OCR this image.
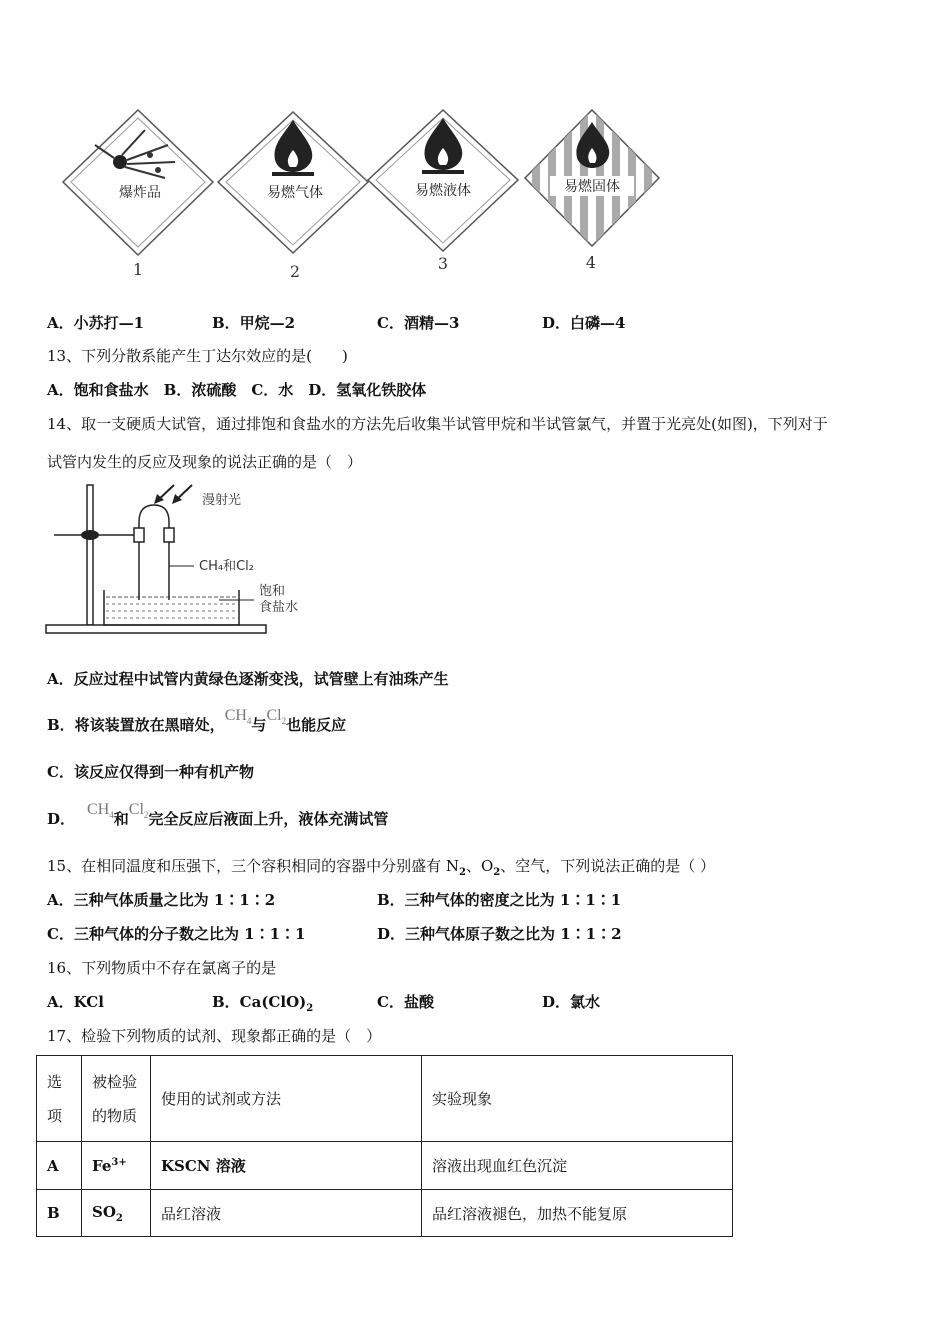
爆炸品
1
易燃气体
2
易燃液体
3
易燃固体
4
A．小苏打—1	B．甲烷—2	C．酒精—3	D．白磷—4
13、下列分散系能产生丁达尔效应的是(　　)
A．饱和食盐水　B．浓硫酸　C．水　D．氢氧化铁胶体
14、取一支硬质大试管，通过排饱和食盐水的方法先后收集半试管甲烷和半试管氯气，并置于光亮处(如图)，下列对于
试管内发生的反应及现象的说法正确的是（　）
漫射光
CH₄和Cl₂
饱和
食盐水
A．反应过程中试管内黄绿色逐渐变浅，试管壁上有油珠产生
B．将该装置放在黑暗处，$CH_4$与$Cl_2$也能反应
C．该反应仅得到一种有机产物
D．$CH_4$和$Cl_2$完全反应后液面上升，液体充满试管
15、在相同温度和压强下，三个容积相同的容器中分别盛有 $N_2$、$O_2$、空气，下列说法正确的是（ ）
A．三种气体质量之比为 1∶1∶2	B．三种气体的密度之比为 1∶1∶1
C．三种气体的分子数之比为 1∶1∶1	D．三种气体原子数之比为 1∶1∶2
16、下列物质中不存在氯离子的是
A．KCl	B．$Ca(ClO)_2$	C．盐酸	D．氯水
17、检验下列物质的试剂、现象都正确的是（　）
选
项	被检验
的物质	使用的试剂或方法	实验现象
A	$Fe^{3+}$	KSCN 溶液	溶液出现血红色沉淀
B	$SO_2$	品红溶液	品红溶液褪色，加热不能复原
